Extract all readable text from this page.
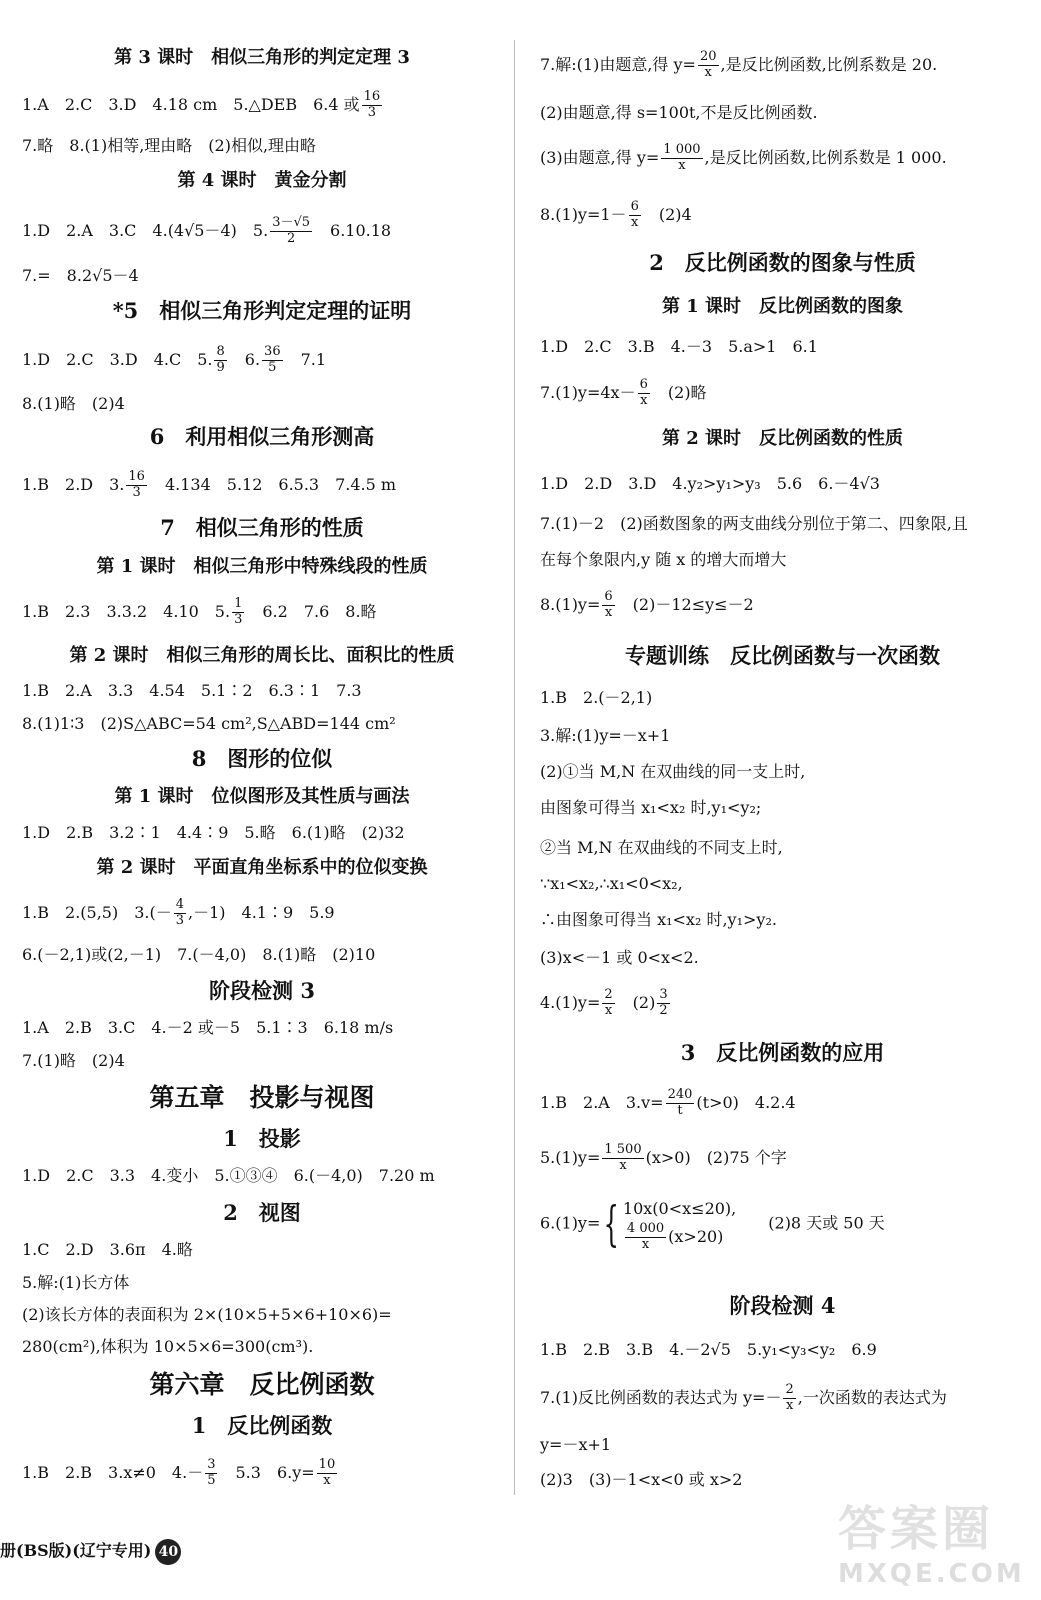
第 3 课时　相似三角形的判定定理 3
1.A　2.C　3.D　4.18 cm　5.△DEB　6.4 或 $\frac{16}{3}$
7.略　8.(1)相等,理由略　(2)相似,理由略
第 4 课时　黄金分割
1.D　2.A　3.C　4.(4√5－4)　5. $\frac{3-√5}{2}$
　 6.10.18
7.=　8.2√5－4
*5　相似三角形判定定理的证明
1.D　2.C　3.D　4.C　5. $\frac{8}{9}$
　 6. $\frac{36}{5}$
　 7.1
8.(1)略　(2)4
6　利用相似三角形测高
1.B　2.D　3. $\frac{16}{3}$
　 4.134　5.12　6.5.3　7.4.5 m
7　相似三角形的性质
第 1 课时　相似三角形中特殊线段的性质
1.B　2.3　3.3.2　4.10　5. $\frac{1}{3}$
　 6.2　7.6　8.略
第 2 课时　相似三角形的周长比、面积比的性质
1.B　2.A　3.3　4.54　5.1∶2　6.3∶1　7.3
8.(1)1∶3　(2)S△ABC=54 cm²,S△ABD=144 cm²
8　图形的位似
第 1 课时　位似图形及其性质与画法
1.D　2.B　3.2∶1　4.4∶9　5.略　6.(1)略　(2)32
第 2 课时　平面直角坐标系中的位似变换
1.B　2.(5,5)　$3.(- \frac{4}{3} ,-1)$　4.1∶9　5.9
6.(－2,1)或(2,－1)　7.(－4,0)　8.(1)略　(2)10
阶段检测 3
1.A　2.B　3.C　4.－2 或－5　5.1∶3　6.18 m/s
7.(1)略　(2)4
第五章　投影与视图
1　投影
1.D　2.C　3.3　4.变小　5.①③④　6.(－4,0)　7.20 m
2　视图
1.C　2.D　3.6π　4.略
5.解:(1)长方体
(2)该长方体的表面积为 2×(10×5+5×6+10×6)=
280(cm²),体积为 10×5×6=300(cm³).
第六章　反比例函数
1　反比例函数
1.B　2.B　3.x≠0　$4.- \frac{3}{5}$
　 5.3　$6.y= \frac{10}{x}$
7.解:(1)由题意,得 $y= \frac{20}{x}$ ,是反比例函数,比例系数是 20.
(2)由题意,得 s=100t,不是反比例函数.
(3)由题意,得 $y= \frac{1 000}{x}$ ,是反比例函数,比例系数是 1 000.
$8.(1)y=1- \frac{6}{x}$
　 (2)4
2　反比例函数的图象与性质
第 1 课时　反比例函数的图象
1.D　2.C　3.B　4.－3　5.a>1　6.1
$7.(1)y=4x- \frac{6}{x}$
　 (2)略
第 2 课时　反比例函数的性质
1.D　2.D　3.D　4.y₂>y₁>y₃　5.6　6.－4√3
7.(1)－2　(2)函数图象的两支曲线分别位于第二、四象限,且
在每个象限内,y 随 x 的增大而增大
$8.(1)y= \frac{6}{x}$
　 (2)－12≤y≤－2
专题训练　反比例函数与一次函数
1.B　2.(－2,1)
3.解:(1)y=－x+1
(2)①当 M,N 在双曲线的同一支上时,
由图象可得当 x₁<x₂ 时,y₁<y₂;
②当 M,N 在双曲线的不同支上时,
∵x₁<x₂,∴x₁<0<x₂,
∴由图象可得当 x₁<x₂ 时,y₁>y₂.
(3)x<－1 或 0<x<2.
$4.(1)y= \frac{2}{x}$
　 $(2) \frac{3}{2}$
3　反比例函数的应用
1.B　2.A　$3.v= \frac{240}{t} (t>0)$　4.2.4
$5.(1)y= \frac{1 500}{x} (x>0)$　(2)75 个字
6.(1)y={ 10x(0<x≤20),
$\frac{4 000}{x} (x>20)$
　　(2)8 天或 50 天
阶段检测 4
1.B　2.B　3.B　4.－2√5　5.y₁<y₃<y₂　6.9
7.(1)反比例函数的表达式为 $y=- \frac{2}{x}$ ,一次函数的表达式为
y=－x+1
(2)3　(3)－1<x<0 或 x>2
册(BS版)(辽宁专用) 40	答案圈
MXQE.COM
